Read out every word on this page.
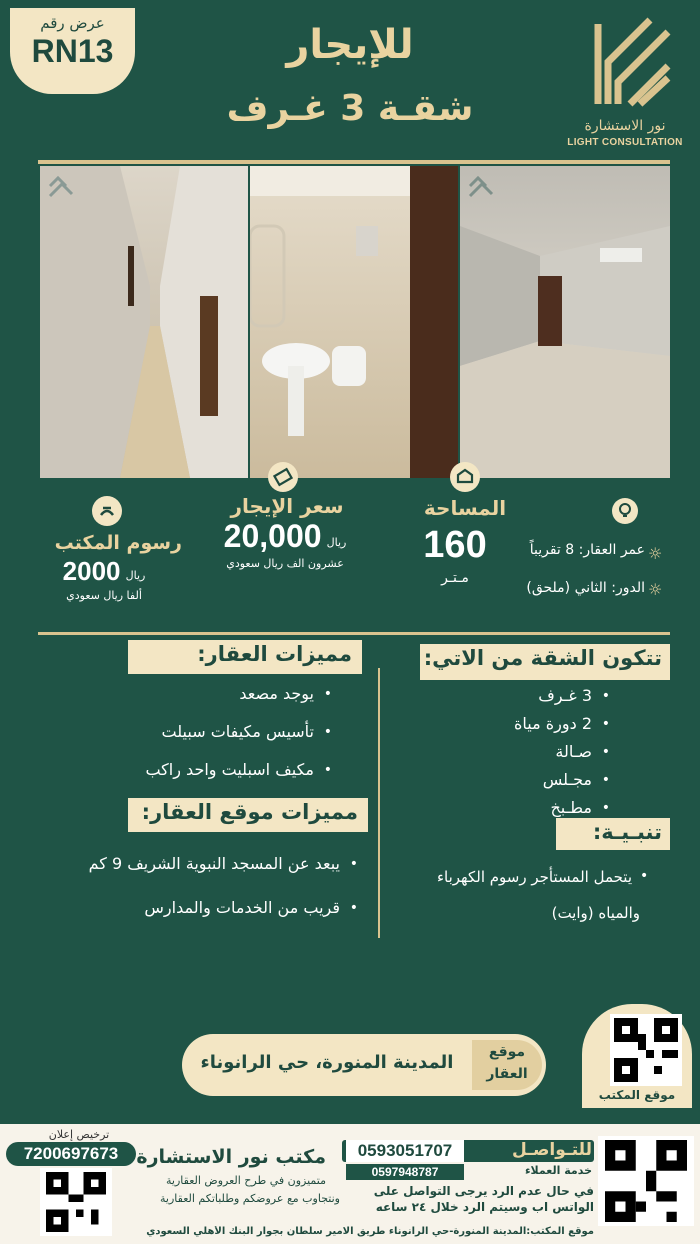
عرض رقم
RN13	للإيجار
شقـة 3 غـرف	نور الاستشارة
LIGHT CONSULTATION
رسوم المكتب
ريال 2000
ألفا ريال سعودي
سعر الإيجار
ريال 20,000
عشرون الف ريال سعودي
المساحة
160
مـتـر
☼
عمر العقار: 8 تقريباً
☼
الدور: الثاني (ملحق)
مميزات العقار:
يوجد مصعد •
تأسيس مكيفات سبيلت •
مكيف اسبليت واحد راكب •
مميزات موقع العقار:
يبعد عن المسجد النبوية الشريف 9 كم •
قريب من الخدمات والمدارس •
تتكون الشقة من الاتي:
3 غـرف •
2 دورة مياة •
صـالة •
مجـلس •
مطـبخ •
تنبـيـة:
يتحمل المستأجر رسوم الكهرباء •
والمياه (وايت)
موقع
العقار
المدينة المنورة، حي الرانوناء
موقع المكتب
ترخيص إعلان
7200697673 مكتب نور الاستشارة
متميزون في طرح العروض العقارية
ونتجاوب مع عروضكم وطلباتكم العقارية
0593051707	للتـواصـل
0597948787	خدمة العملاء
في حال عدم الرد يرجى التواصل على
الواتس اب وسيتم الرد خلال ٢٤ ساعه
موقع المكتب:المدينة المنورة-حي الرانوناء طريق الامير سلطان بجوار البنك الأهلي السعودي
